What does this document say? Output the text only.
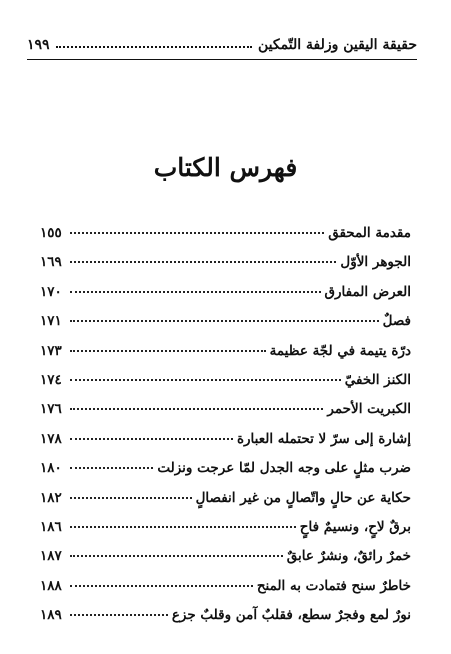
حقيقة اليقين وزلفة التّمكين
١٩٩
فهرس الكتاب
مقدمة المحقق
١٥٥
الجوهر الأوّل
١٦٩
العرض المفارق
١٧٠
فصلٌ
١٧١
درّة يتيمة في لجّة عظيمة
١٧٣
الكنز الخفيّ
١٧٤
الكبريت الأحمر
١٧٦
إشارة إلى سرّ لا تحتمله العبارة
١٧٨
ضرب مثلٍ على وجه الجدل لمّا عرجت ونزلت
١٨٠
حكاية عن حالٍ واتّصالٍ من غير انفصالٍ
١٨٢
برقٌ لاحٍ، ونسيمٌ فاحٍ
١٨٦
خمرٌ رائقٌ، ونشرٌ عابقٌ
١٨٧
خاطرٌ سنح فتمادت به المنح
١٨٨
نورٌ لمع وفجرٌ سطع، فقلبٌ آمن وقلبٌ جزع
١٨٩
